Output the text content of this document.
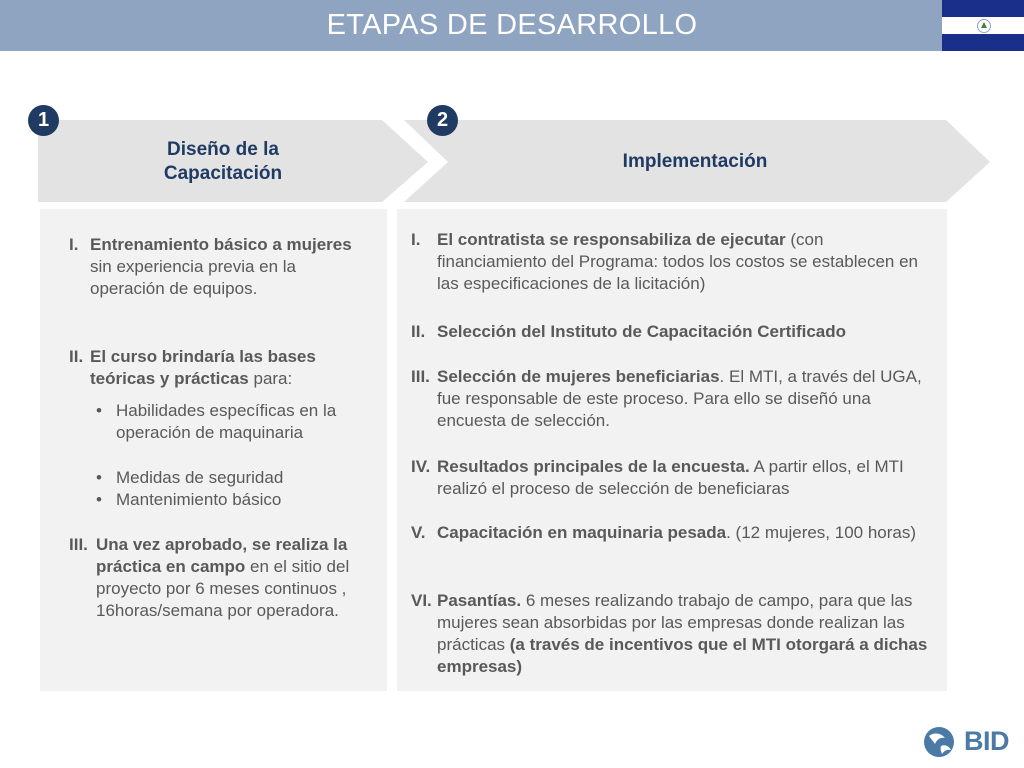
ETAPAS DE DESARROLLO
1	2
Diseño de la
Capacitación
Implementación
I. Entrenamiento básico a mujeres sin experiencia previa en la operación de equipos.
II. El curso brindaría las bases teóricas y prácticas para:
• Habilidades específicas en la operación de maquinaria
• Medidas de seguridad
• Mantenimiento básico
III. Una vez aprobado, se realiza la práctica en campo en el sitio del proyecto por 6 meses continuos , 16horas/semana por operadora.
I. El contratista se responsabiliza de ejecutar (con financiamiento del Programa: todos los costos se establecen en las especificaciones de la licitación)
II. Selección del Instituto de Capacitación Certificado
III. Selección de mujeres beneficiarias. El MTI, a través del UGA, fue responsable de este proceso. Para ello se diseñó una encuesta de selección.
IV. Resultados principales de la encuesta. A partir ellos, el MTI realizó el proceso de selección de beneficiaras
V. Capacitación en maquinaria pesada. (12 mujeres, 100 horas)
VI. Pasantías. 6 meses realizando trabajo de campo, para que las mujeres sean absorbidas por las empresas donde realizan las prácticas (a través de incentivos que el MTI otorgará a dichas empresas)
BID
